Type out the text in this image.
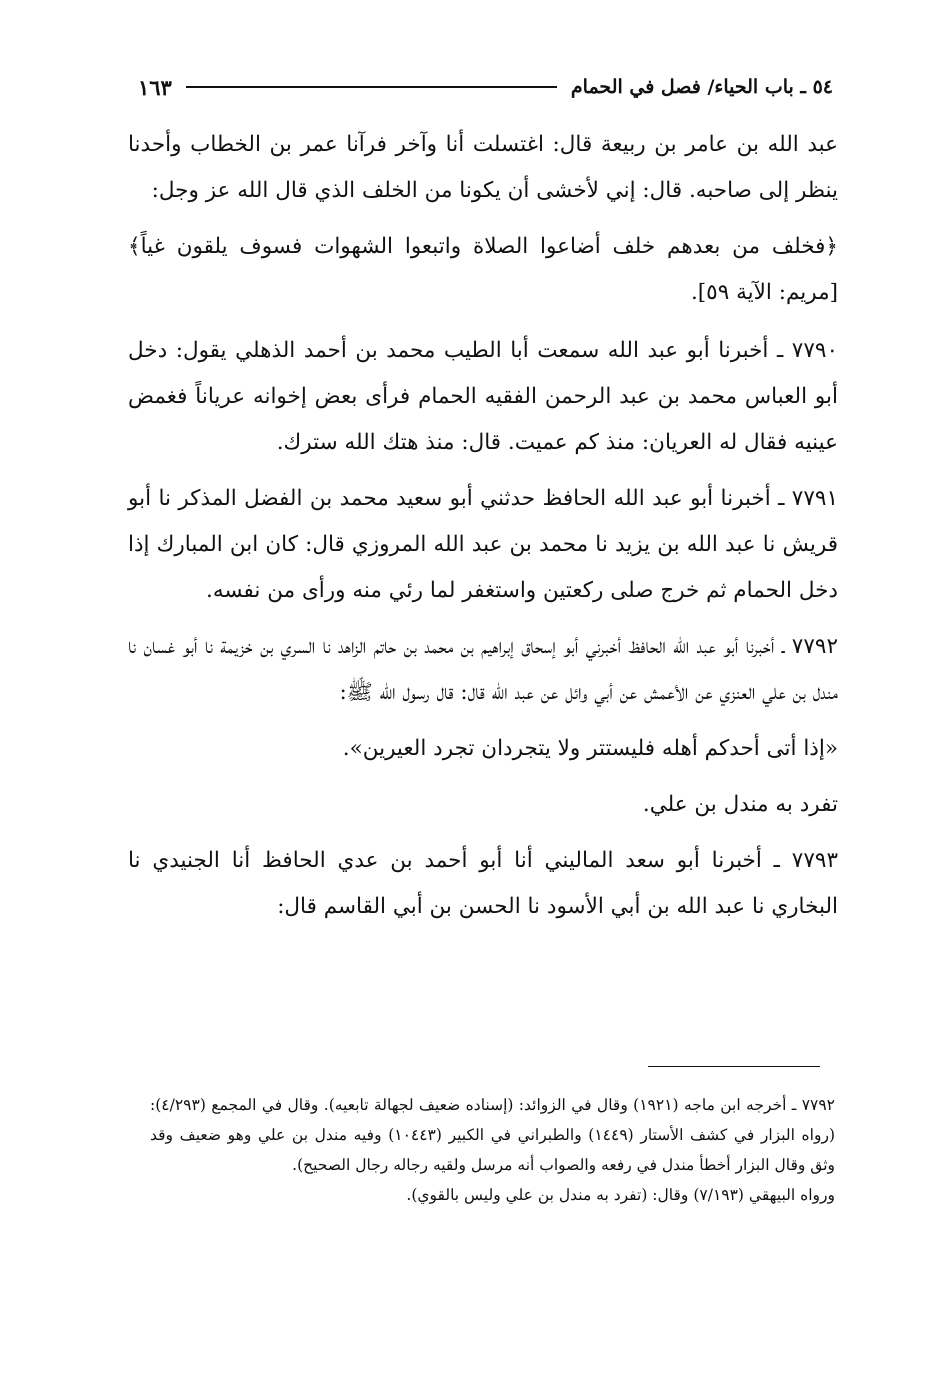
٥٤ ـ باب الحياء/ فصل في الحمام
١٦٣

عبد الله بن عامر بن ربيعة قال: اغتسلت أنا وآخر فرآنا عمر بن الخطاب وأحدنا ينظر إلى صاحبه. قال: إني لأخشى أن يكونا من الخلف الذي قال الله عز وجل:

﴿فخلف من بعدهم خلف أضاعوا الصلاة واتبعوا الشهوات فسوف يلقون غياً﴾ [مريم: الآية ٥٩].

٧٧٩٠ ـ أخبرنا أبو عبد الله سمعت أبا الطيب محمد بن أحمد الذهلي يقول: دخل أبو العباس محمد بن عبد الرحمن الفقيه الحمام فرأى بعض إخوانه عرياناً فغمض عينيه فقال له العريان: منذ كم عميت. قال: منذ هتك الله سترك.

٧٧٩١ ـ أخبرنا أبو عبد الله الحافظ حدثني أبو سعيد محمد بن الفضل المذكر نا أبو قريش نا عبد الله بن يزيد نا محمد بن عبد الله المروزي قال: كان ابن المبارك إذا دخل الحمام ثم خرج صلى ركعتين واستغفر لما رئي منه ورأى من نفسه.

٧٧٩٢ ـ أخبرنا أبو عبد الله الحافظ أخبرني أبو إسحاق إبراهيم بن محمد بن حاتم الزاهد نا السري بن خزيمة نا أبو غسان نا مندل بن علي العنزي عن الأعمش عن أبي وائل عن عبد الله قال: قال رسول الله ﷺ:

«إذا أتى أحدكم أهله فليستتر ولا يتجردان تجرد العيرين».

تفرد به مندل بن علي.

٧٧٩٣ ـ أخبرنا أبو سعد الماليني أنا أبو أحمد بن عدي الحافظ أنا الجنيدي نا البخاري نا عبد الله بن أبي الأسود نا الحسن بن أبي القاسم قال:

٧٧٩٢ ـ أخرجه ابن ماجه (١٩٢١) وقال في الزوائد: (إسناده ضعيف لجهالة تابعيه). وقال في المجمع (٤/٢٩٣): (رواه البزار في كشف الأستار (١٤٤٩) والطبراني في الكبير (١٠٤٤٣) وفيه مندل بن علي وهو ضعيف وقد وثق وقال البزار أخطأ مندل في رفعه والصواب أنه مرسل ولقيه رجاله رجال الصحيح).

ورواه البيهقي (٧/١٩٣) وقال: (تفرد به مندل بن علي وليس بالقوي).
